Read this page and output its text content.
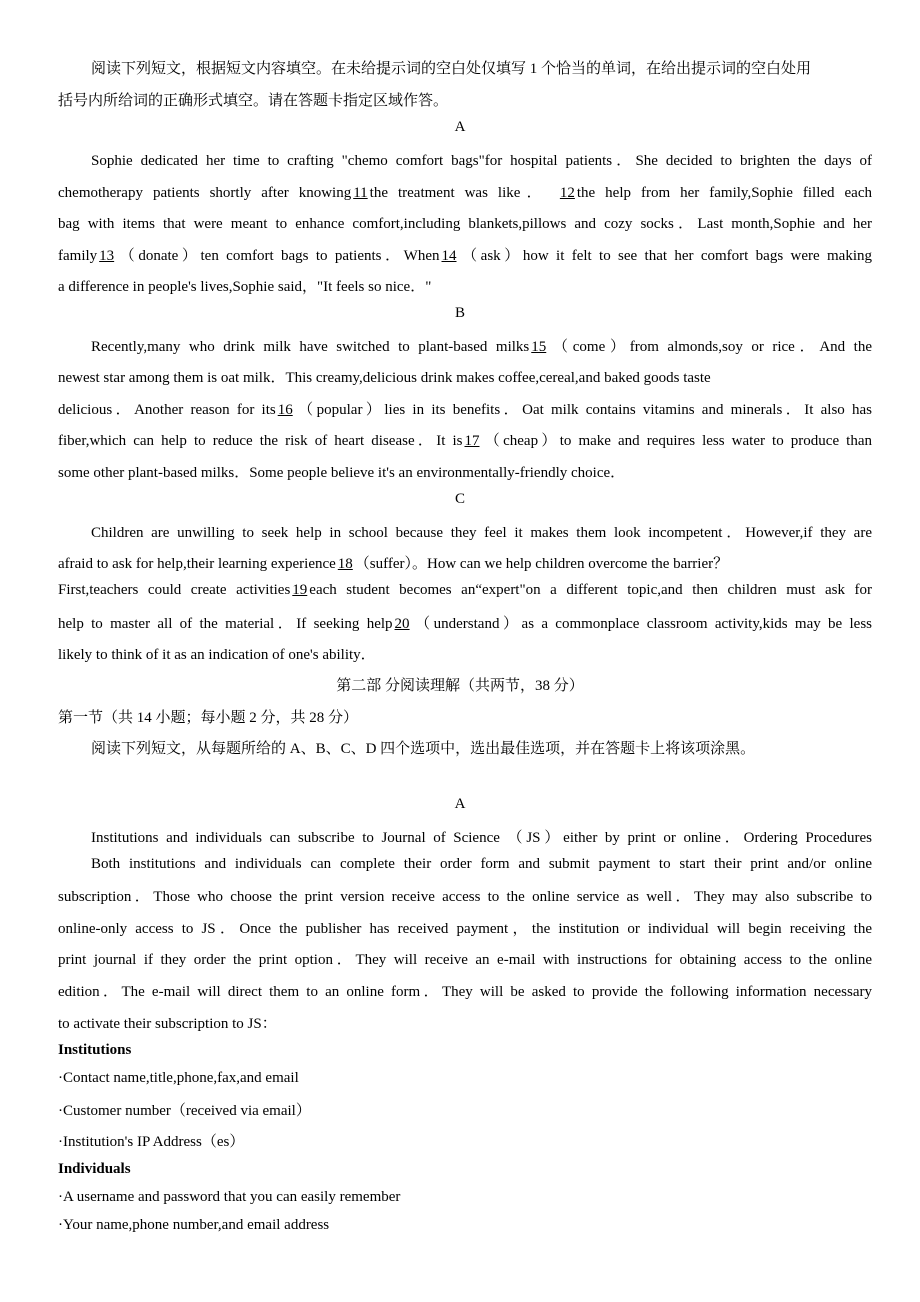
阅读下列短文，根据短文内容填空。在未给提示词的空白处仅填写 1 个恰当的单词，在给出提示词的空白处用
括号内所给词的正确形式填空。请在答题卡指定区域作答。
A
Sophie dedicated her time to crafting "chemo comfort bags"for hospital patients．She decided to brighten the days of
chemotherapy patients shortly after knowing 11 the treatment was like． 12 the help from her family,Sophie filled each
bag with items that were meant to enhance comfort,including blankets,pillows and cozy socks．Last month,Sophie and her
family 13 （donate）ten comfort bags to patients．When 14 （ask）how it felt to see that her comfort bags were making
a difference in people's lives,Sophie said，"It feels so nice．"
B
Recently,many who drink milk have switched to plant-based milks 15 （come）from almonds,soy or rice．And the
newest star among them is oat milk．This creamy,delicious drink makes coffee,cereal,and baked goods taste
delicious．Another reason for its 16 （popular）lies in its benefits．Oat milk contains vitamins and minerals．It also has
fiber,which can help to reduce the risk of heart disease．It is 17 （cheap）to make and requires less water to produce than
some other plant-based milks．Some people believe it's an environmentally-friendly choice．
C
Children are unwilling to seek help in school because they feel it makes them look incompetent．However,if they are
afraid to ask for help,their learning experience 18 （suffer）。How can we help children overcome the barrier？
First,teachers could create activities 19 each student becomes an“expert"on a different topic,and then children must ask for
help to master all of the material．If seeking help 20 （understand）as a commonplace classroom activity,kids may be less
likely to think of it as an indication of one's ability．
第二部 分阅读理解（共两节，38 分）
第一节（共 14 小题；每小题 2 分，共 28 分）
阅读下列短文，从每题所给的 A、B、C、D 四个选项中，选出最佳选项，并在答题卡上将该项涂黑。
A
Institutions and individuals can subscribe to Journal of Science （JS）either by print or online．Ordering Procedures
Both institutions and individuals can complete their order form and submit payment to start their print and/or online
subscription．Those who choose the print version receive access to the online service as well．They may also subscribe to
online-only access to JS．Once the publisher has received payment，the institution or individual will begin receiving the
print journal if they order the print option．They will receive an e-mail with instructions for obtaining access to the online
edition．The e-mail will direct them to an online form．They will be asked to provide the following information necessary
to activate their subscription to JS：
Institutions
·Contact name,title,phone,fax,and email
·Customer number（received via email）
·Institution's IP Address（es）
Individuals
·A username and password that you can easily remember
·Your name,phone number,and email address
